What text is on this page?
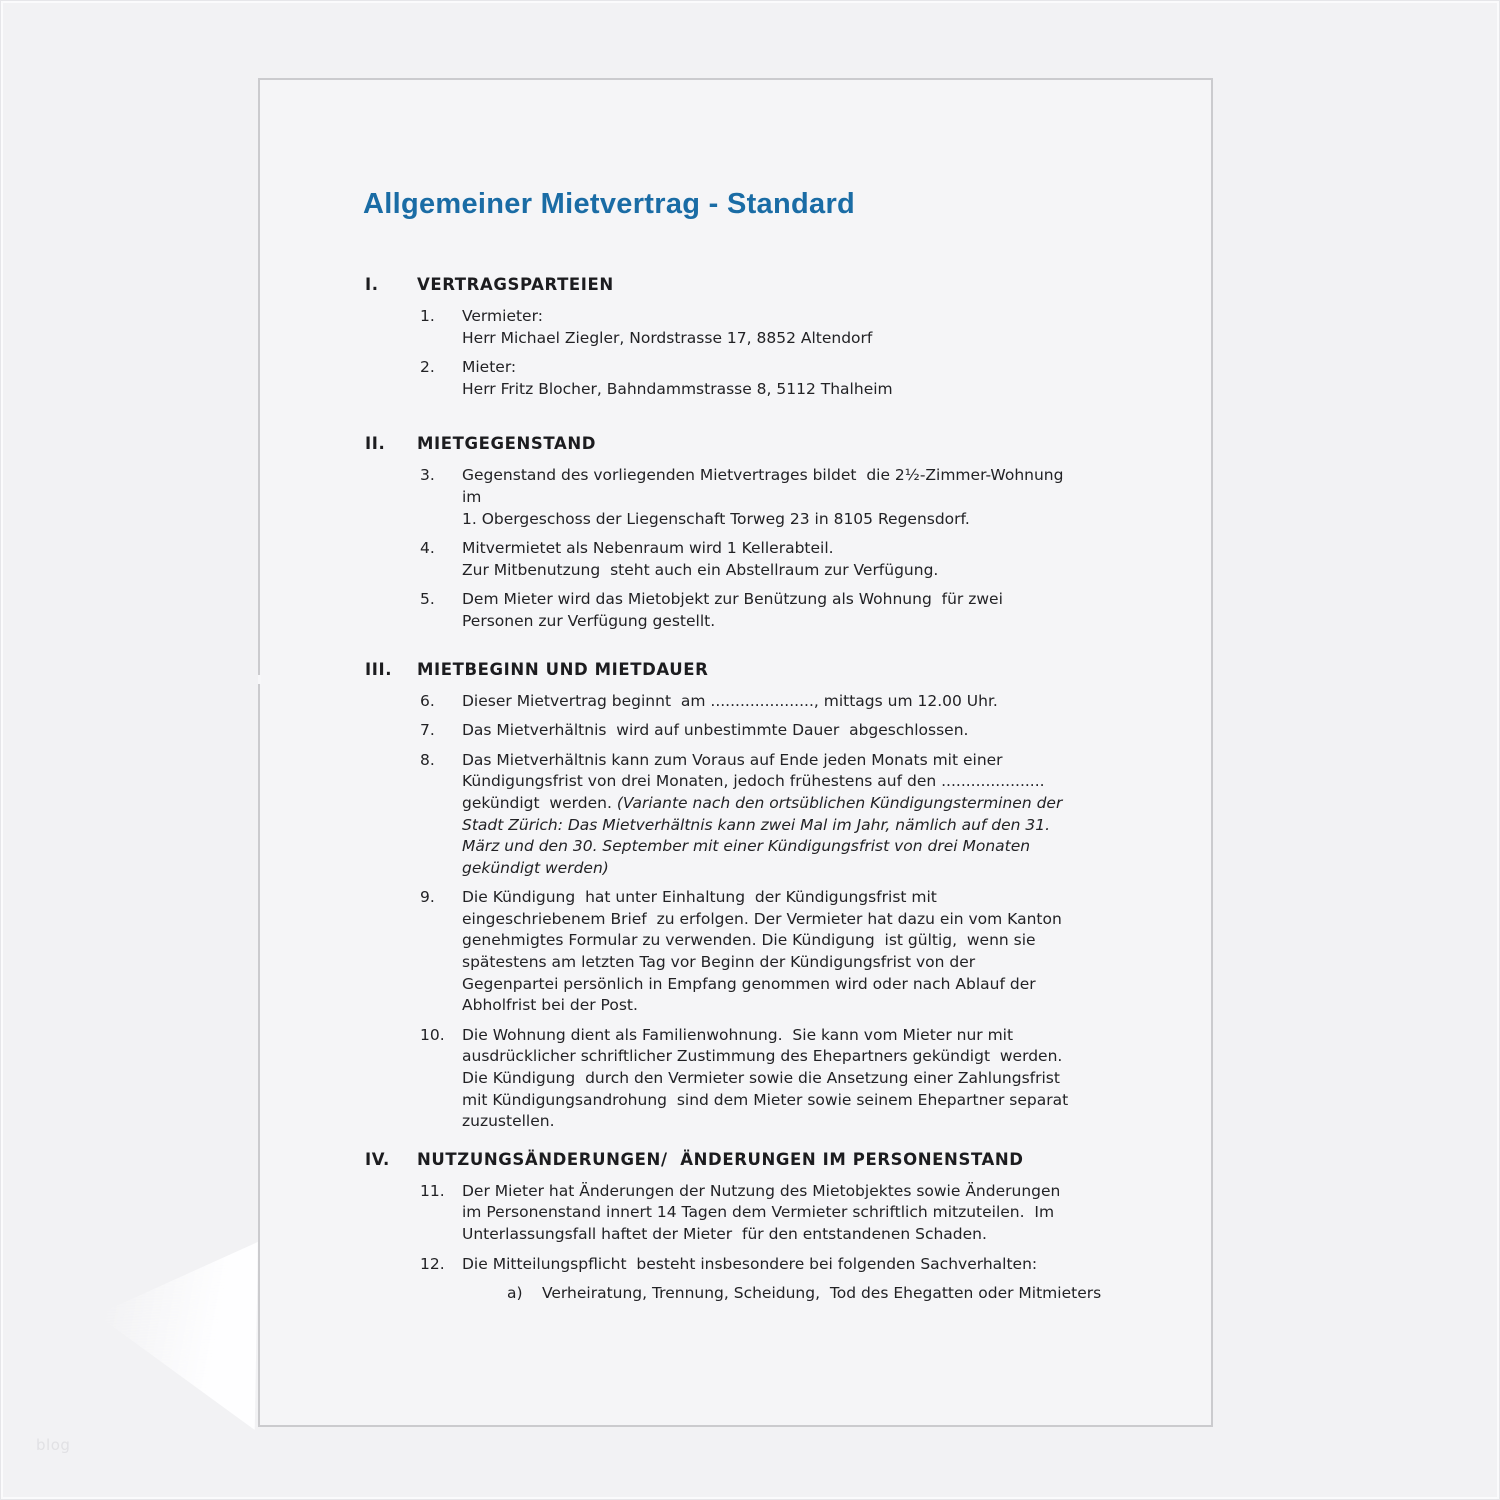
blog
Allgemeiner Mietvertrag - Standard
I.	VERTRAGSPARTEIEN
1.	Vermieter:
Herr Michael Ziegler, Nordstrasse 17, 8852 Altendorf
2.	Mieter:
Herr Fritz Blocher, Bahndammstrasse 8, 5112 Thalheim
II.	MIETGEGENSTAND
3.	Gegenstand des vorliegenden Mietvertrages bildet  die 2½-Zimmer-Wohnung
im
1. Obergeschoss der Liegenschaft Torweg 23 in 8105 Regensdorf.
4.	Mitvermietet als Nebenraum wird 1 Kellerabteil.
Zur Mitbenutzung  steht auch ein Abstellraum zur Verfügung.
5.	Dem Mieter wird das Mietobjekt zur Benützung als Wohnung  für zwei
Personen zur Verfügung gestellt.
III.	MIETBEGINN UND MIETDAUER
6.	Dieser Mietvertrag beginnt  am ....................., mittags um 12.00 Uhr.
7.	Das Mietverhältnis  wird auf unbestimmte Dauer  abgeschlossen.
8.	Das Mietverhältnis kann zum Voraus auf Ende jeden Monats mit einer
Kündigungsfrist von drei Monaten, jedoch frühestens auf den .....................
gekündigt  werden. (Variante nach den ortsüblichen Kündigungsterminen der
Stadt Zürich: Das Mietverhältnis kann zwei Mal im Jahr, nämlich auf den 31.
März und den 30. September mit einer Kündigungsfrist von drei Monaten
gekündigt werden)
9.	Die Kündigung  hat unter Einhaltung  der Kündigungsfrist mit
eingeschriebenem Brief  zu erfolgen. Der Vermieter hat dazu ein vom Kanton
genehmigtes Formular zu verwenden. Die Kündigung  ist gültig,  wenn sie
spätestens am letzten Tag vor Beginn der Kündigungsfrist von der
Gegenpartei persönlich in Empfang genommen wird oder nach Ablauf der
Abholfrist bei der Post.
10.	Die Wohnung dient als Familienwohnung.  Sie kann vom Mieter nur mit
ausdrücklicher schriftlicher Zustimmung des Ehepartners gekündigt  werden.
Die Kündigung  durch den Vermieter sowie die Ansetzung einer Zahlungsfrist
mit Kündigungsandrohung  sind dem Mieter sowie seinem Ehepartner separat
zuzustellen.
IV.	NUTZUNGSÄNDERUNGEN/  ÄNDERUNGEN IM PERSONENSTAND
11.	Der Mieter hat Änderungen der Nutzung des Mietobjektes sowie Änderungen
im Personenstand innert 14 Tagen dem Vermieter schriftlich mitzuteilen.  Im
Unterlassungsfall haftet der Mieter  für den entstandenen Schaden.
12.	Die Mitteilungspflicht  besteht insbesondere bei folgenden Sachverhalten:
a)	Verheiratung, Trennung, Scheidung,  Tod des Ehegatten oder Mitmieters
